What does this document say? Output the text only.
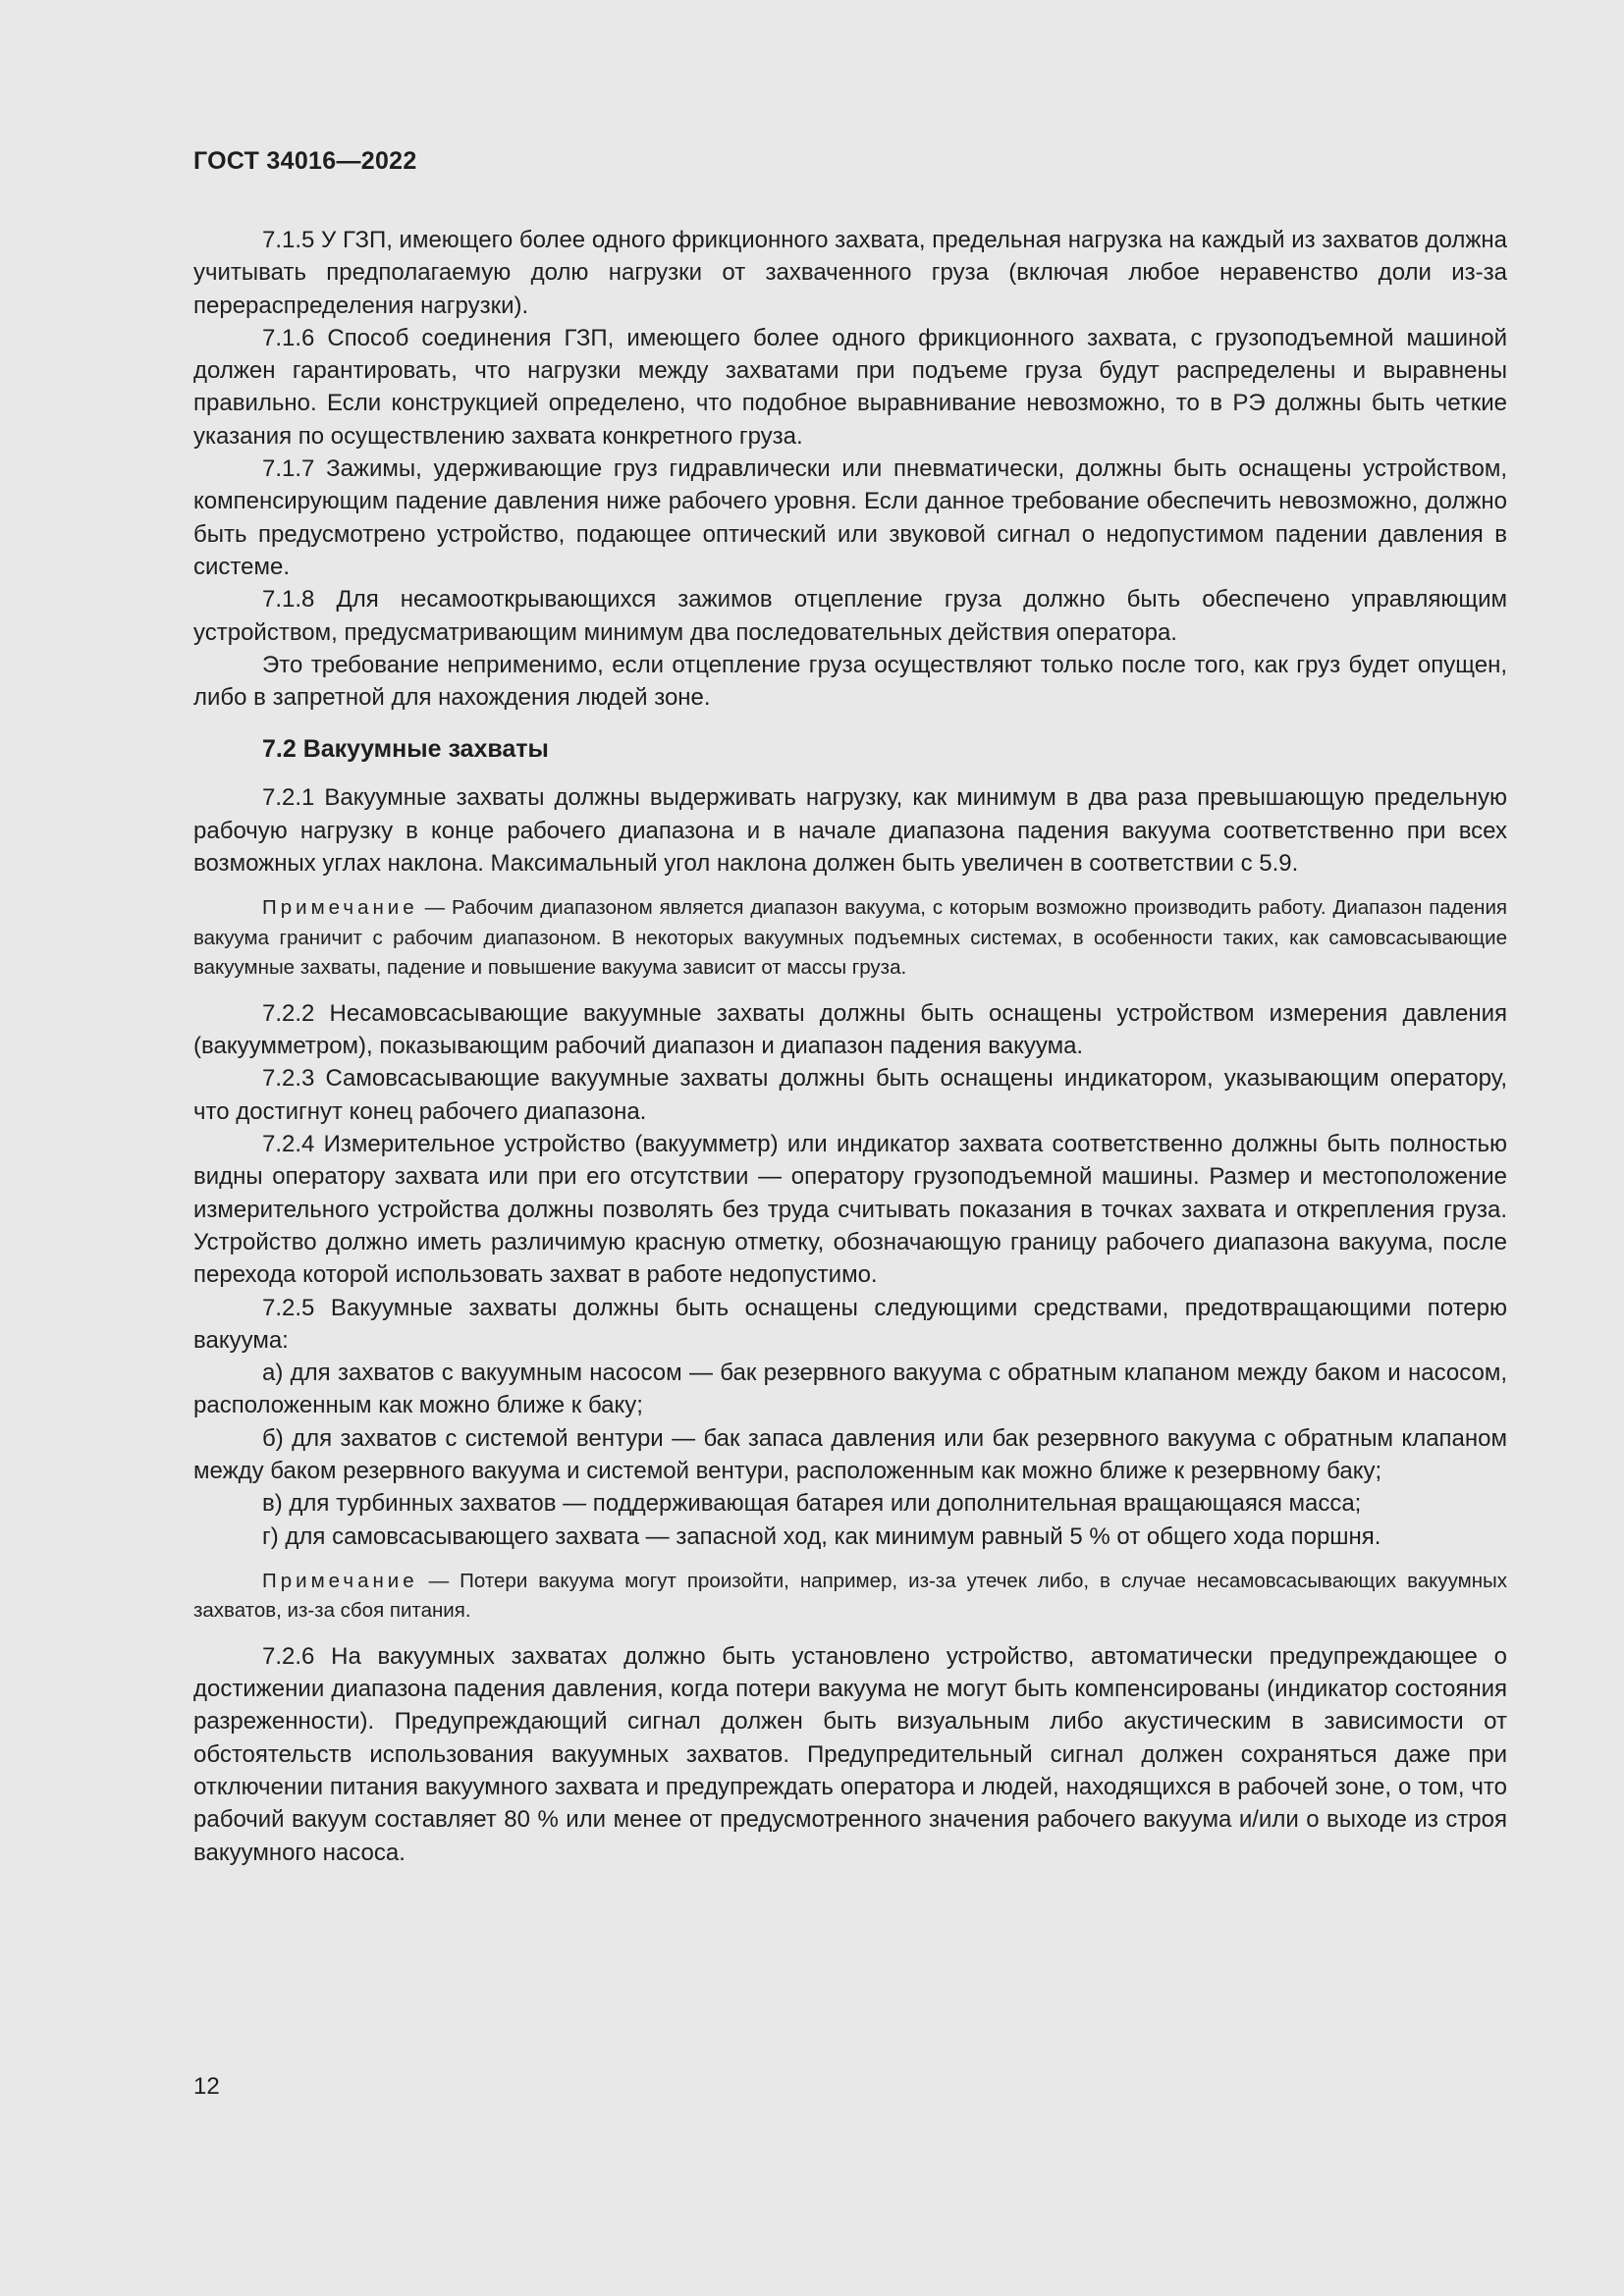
ГОСТ 34016—2022

7.1.5 У ГЗП, имеющего более одного фрикционного захвата, предельная нагрузка на каждый из захватов должна учитывать предполагаемую долю нагрузки от захваченного груза (включая любое неравенство доли из-за перераспределения нагрузки).

7.1.6 Способ соединения ГЗП, имеющего более одного фрикционного захвата, с грузоподъемной машиной должен гарантировать, что нагрузки между захватами при подъеме груза будут распределены и выравнены правильно. Если конструкцией определено, что подобное выравнивание невозможно, то в РЭ должны быть четкие указания по осуществлению захвата конкретного груза.

7.1.7 Зажимы, удерживающие груз гидравлически или пневматически, должны быть оснащены устройством, компенсирующим падение давления ниже рабочего уровня. Если данное требование обеспечить невозможно, должно быть предусмотрено устройство, подающее оптический или звуковой сигнал о недопустимом падении давления в системе.

7.1.8 Для несамооткрывающихся зажимов отцепление груза должно быть обеспечено управляющим устройством, предусматривающим минимум два последовательных действия оператора.

Это требование неприменимо, если отцепление груза осуществляют только после того, как груз будет опущен, либо в запретной для нахождения людей зоне.

7.2 Вакуумные захваты

7.2.1 Вакуумные захваты должны выдерживать нагрузку, как минимум в два раза превышающую предельную рабочую нагрузку в конце рабочего диапазона и в начале диапазона падения вакуума соответственно при всех возможных углах наклона. Максимальный угол наклона должен быть увеличен в соответствии с 5.9.

Примечание — Рабочим диапазоном является диапазон вакуума, с которым возможно производить работу. Диапазон падения вакуума граничит с рабочим диапазоном. В некоторых вакуумных подъемных системах, в особенности таких, как самовсасывающие вакуумные захваты, падение и повышение вакуума зависит от массы груза.

7.2.2 Несамовсасывающие вакуумные захваты должны быть оснащены устройством измерения давления (вакуумметром), показывающим рабочий диапазон и диапазон падения вакуума.

7.2.3 Самовсасывающие вакуумные захваты должны быть оснащены индикатором, указывающим оператору, что достигнут конец рабочего диапазона.

7.2.4 Измерительное устройство (вакуумметр) или индикатор захвата соответственно должны быть полностью видны оператору захвата или при его отсутствии — оператору грузоподъемной машины. Размер и местоположение измерительного устройства должны позволять без труда считывать показания в точках захвата и открепления груза. Устройство должно иметь различимую красную отметку, обозначающую границу рабочего диапазона вакуума, после перехода которой использовать захват в работе недопустимо.

7.2.5 Вакуумные захваты должны быть оснащены следующими средствами, предотвращающими потерю вакуума:

а) для захватов с вакуумным насосом — бак резервного вакуума с обратным клапаном между баком и насосом, расположенным как можно ближе к баку;

б) для захватов с системой вентури — бак запаса давления или бак резервного вакуума с обратным клапаном между баком резервного вакуума и системой вентури, расположенным как можно ближе к резервному баку;

в) для турбинных захватов — поддерживающая батарея или дополнительная вращающаяся масса;

г) для самовсасывающего захвата — запасной ход, как минимум равный 5 % от общего хода поршня.

Примечание — Потери вакуума могут произойти, например, из-за утечек либо, в случае несамовсасывающих вакуумных захватов, из-за сбоя питания.

7.2.6 На вакуумных захватах должно быть установлено устройство, автоматически предупреждающее о достижении диапазона падения давления, когда потери вакуума не могут быть компенсированы (индикатор состояния разреженности). Предупреждающий сигнал должен быть визуальным либо акустическим в зависимости от обстоятельств использования вакуумных захватов. Предупредительный сигнал должен сохраняться даже при отключении питания вакуумного захвата и предупреждать оператора и людей, находящихся в рабочей зоне, о том, что рабочий вакуум составляет 80 % или менее от предусмотренного значения рабочего вакуума и/или о выходе из строя вакуумного насоса.

12
